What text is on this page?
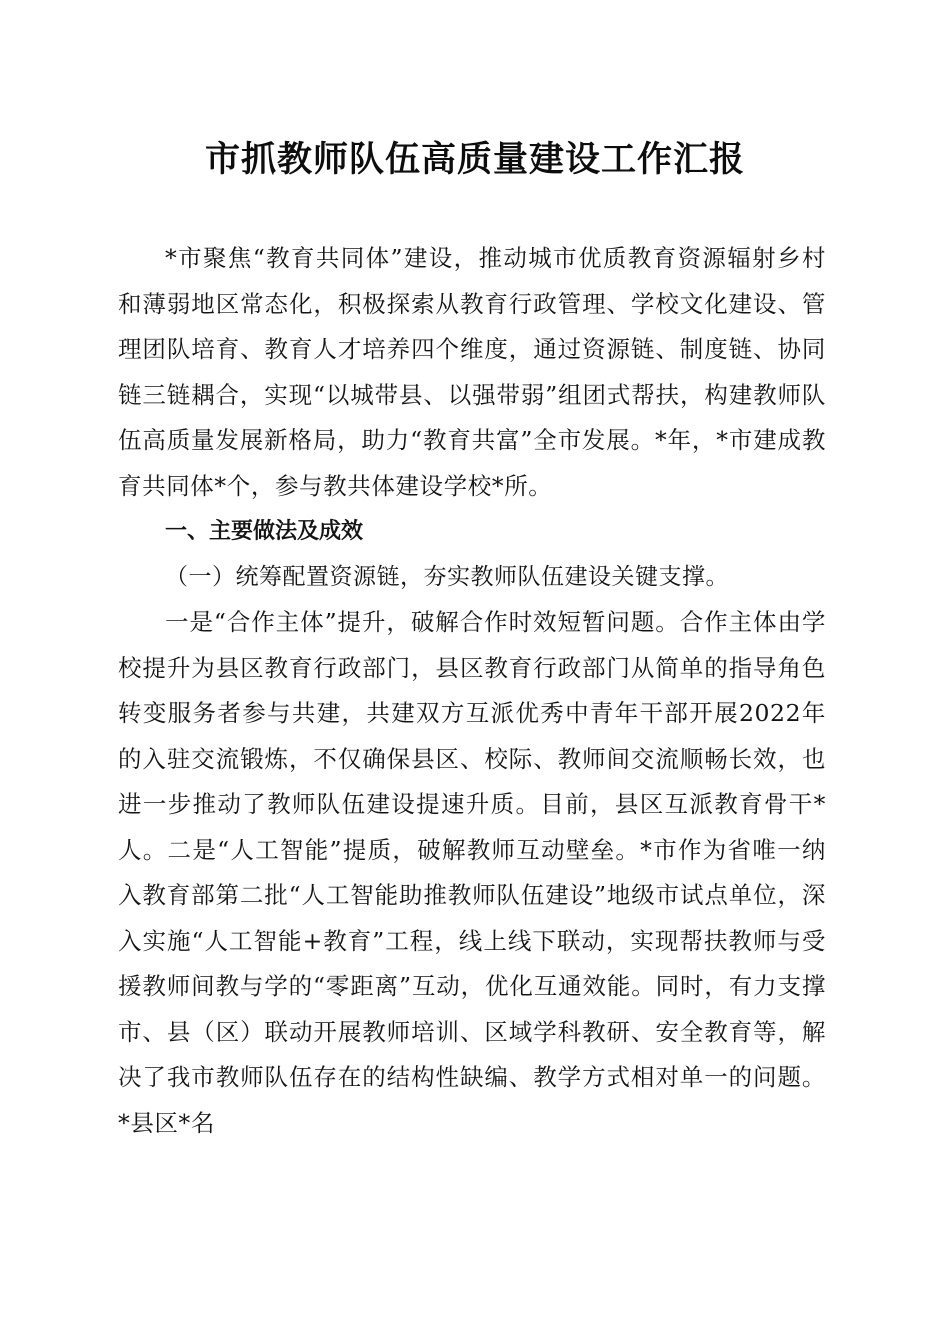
市抓教师队伍高质量建设工作汇报

*市聚焦“教育共同体”建设，推动城市优质教育资源辐射乡村和薄弱地区常态化，积极探索从教育行政管理、学校文化建设、管理团队培育、教育人才培养四个维度，通过资源链、制度链、协同链三链耦合，实现“以城带县、以强带弱”组团式帮扶，构建教师队伍高质量发展新格局，助力“教育共富”全市发展。*年，*市建成教育共同体*个，参与教共体建设学校*所。

一、主要做法及成效

（一）统筹配置资源链，夯实教师队伍建设关键支撑。

一是“合作主体”提升，破解合作时效短暂问题。合作主体由学校提升为县区教育行政部门，县区教育行政部门从简单的指导角色转变服务者参与共建，共建双方互派优秀中青年干部开展2022年的入驻交流锻炼，不仅确保县区、校际、教师间交流顺畅长效，也进一步推动了教师队伍建设提速升质。目前，县区互派教育骨干*人。二是“人工智能”提质，破解教师互动壁垒。*市作为省唯一纳入教育部第二批“人工智能助推教师队伍建设”地级市试点单位，深入实施“人工智能+教育”工程，线上线下联动，实现帮扶教师与受援教师间教与学的“零距离”互动，优化互通效能。同时，有力支撑市、县（区）联动开展教师培训、区域学科教研、安全教育等，解决了我市教师队伍存在的结构性缺编、教学方式相对单一的问题。*县区*名
